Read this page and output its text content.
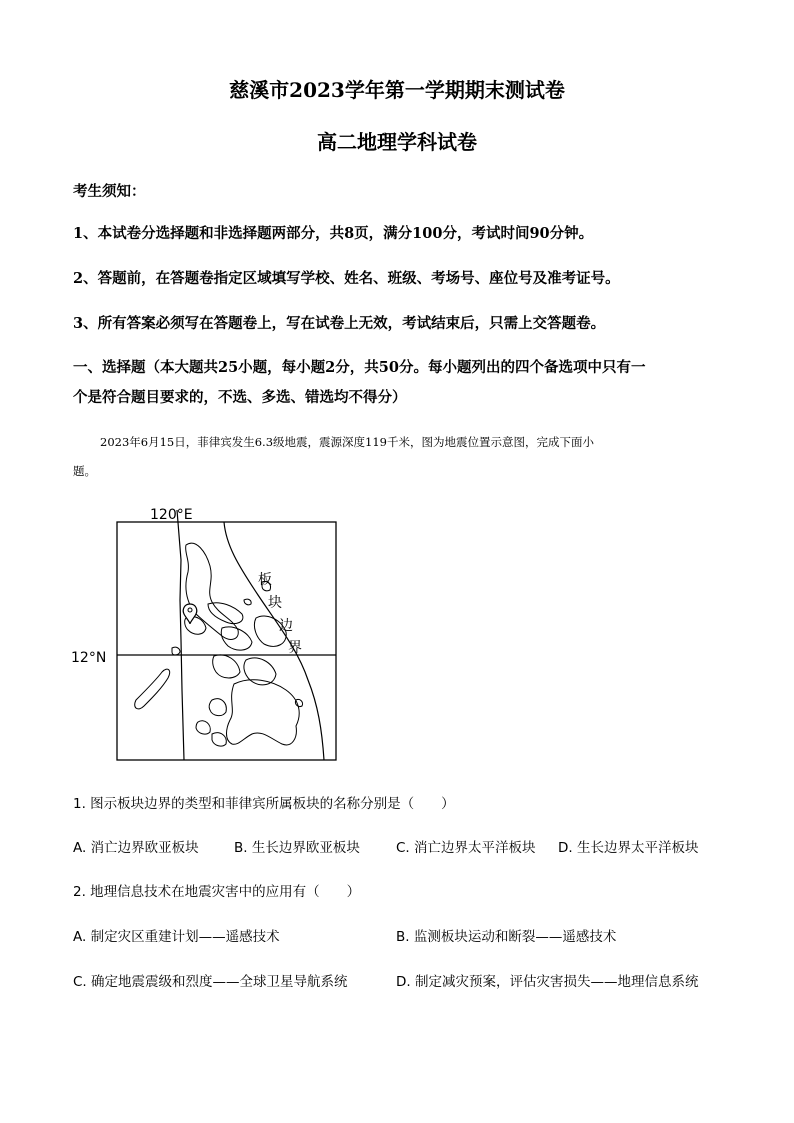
慈溪市2023学年第一学期期末测试卷
高二地理学科试卷
考生须知：
1、本试卷分选择题和非选择题两部分，共8页，满分100分，考试时间90分钟。
2、答题前，在答题卷指定区域填写学校、姓名、班级、考场号、座位号及准考证号。
3、所有答案必须写在答题卷上，写在试卷上无效，考试结束后，只需上交答题卷。
一、选择题（本大题共25小题，每小题2分，共50分。每小题列出的四个备选项中只有一
个是符合题目要求的，不选、多选、错选均不得分）
2023年6月15日，菲律宾发生6.3级地震，震源深度119千米，图为地震位置示意图，完成下面小
题。
120°E
12°N
板
块
边
界
1. 图示板块边界的类型和菲律宾所属板块的名称分别是（　　）
A. 消亡边界欧亚板块	B. 生长边界欧亚板块	C. 消亡边界太平洋板块 D. 生长边界太平洋板块
2. 地理信息技术在地震灾害中的应用有（　　）
A. 制定灾区重建计划——遥感技术	B. 监测板块运动和断裂——遥感技术
C. 确定地震震级和烈度——全球卫星导航系统	D. 制定减灾预案，评估灾害损失——地理信息系统
